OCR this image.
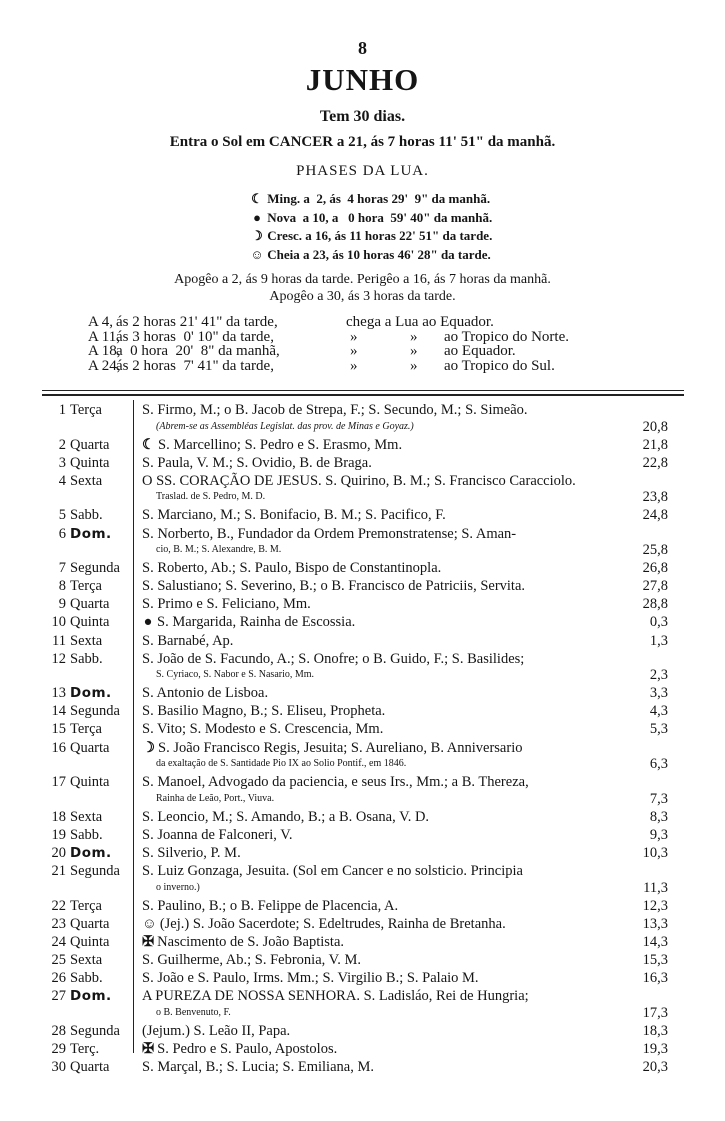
8
JUNHO
Tem 30 dias.
Entra o Sol em CANCER a 21, ás 7 horas 11' 51" da manhã.
PHASES DA LUA.
☾ Ming. a  2, ás  4 horas 29'  9" da manhã.
● Nova  a 10, a   0 hora  59' 40" da manhã.
☽ Cresc. a 16, ás 11 horas 22' 51" da tarde.
☺ Cheia a 23, ás 10 horas 46' 28" da tarde.
Apogêo a 2, ás 9 horas da tarde. Perigêo a 16, ás 7 horas da manhã.
Apogêo a 30, ás 3 horas da tarde.
A 4, ás 2 horas 21' 41" da tarde,	chega a Lua ao Equador.
A 11,
ás 3 horas  0' 10" da tarde,	»	» ao Tropico do Norte.
A 18,
a  0 hora  20'  8" da manhã,	»	» ao Equador.
A 24,
ás 2 horas  7' 41" da tarde,	»	» ao Tropico do Sul.
1 Terça	S. Firmo, M.; o B. Jacob de Strepa, F.; S. Secundo, M.; S. Simeão.
(Abrem-se as Assembléas Legislat. das prov. de Minas e Goyaz.)	20,8
2 Quarta ☾ S. Marcellino; S. Pedro e S. Erasmo, Mm.	21,8
3 Quinta S. Paula, V. M.; S. Ovidio, B. de Braga.	22,8
4 Sexta	O SS. CORAÇÃO DE JESUS. S. Quirino, B. M.; S. Francisco Caracciolo.
Traslad. de S. Pedro, M. D.	23,8
5 Sabb.	S. Marciano, M.; S. Bonifacio, B. M.; S. Pacifico, F.	24,8
6 Dom. S. Norberto, B., Fundador da Ordem Premonstratense; S. Aman-
cio, B. M.; S. Alexandre, B. M.	25,8
7 Segunda S. Roberto, Ab.; S. Paulo, Bispo de Constantinopla.	26,8
8 Terça	S. Salustiano; S. Severino, B.; o B. Francisco de Patriciis, Servita.	27,8
9 Quarta S. Primo e S. Feliciano, Mm.	28,8
10 Quinta ● S. Margarida, Rainha de Escossia.	0,3
11 Sexta	S. Barnabé, Ap.	1,3
12 Sabb.	S. João de S. Facundo, A.; S. Onofre; o B. Guido, F.; S. Basilides;
S. Cyriaco, S. Nabor e S. Nasario, Mm.	2,3
13 Dom. S. Antonio de Lisboa.	3,3
14 Segunda S. Basilio Magno, B.; S. Eliseu, Propheta.	4,3
15 Terça	S. Vito; S. Modesto e S. Crescencia, Mm.	5,3
16 Quarta ☽ S. João Francisco Regis, Jesuita; S. Aureliano, B. Anniversario
da exaltação de S. Santidade Pio IX ao Solio Pontif., em 1846.	6,3
17 Quinta S. Manoel, Advogado da paciencia, e seus Irs., Mm.; a B. Thereza,
Rainha de Leão, Port., Viuva.	7,3
18 Sexta	S. Leoncio, M.; S. Amando, B.; a B. Osana, V. D.	8,3
19 Sabb.	S. Joanna de Falconeri, V.	9,3
20 Dom. S. Silverio, P. M.	10,3
21 Segunda S. Luiz Gonzaga, Jesuita. (Sol em Cancer e no solsticio. Principia
o inverno.)	11,3
22 Terça	S. Paulino, B.; o B. Felippe de Placencia, A.	12,3
23 Quarta ☺ (Jej.) S. João Sacerdote; S. Edeltrudes, Rainha de Bretanha.	13,3
24 Quinta ✠ Nascimento de S. João Baptista.	14,3
25 Sexta	S. Guilherme, Ab.; S. Febronia, V. M.	15,3
26 Sabb.	S. João e S. Paulo, Irms. Mm.; S. Virgilio B.; S. Palaio M.	16,3
27 Dom. A PUREZA DE NOSSA SENHORA. S. Ladisláo, Rei de Hungria;
o B. Benvenuto, F.	17,3
28 Segunda (Jejum.) S. Leão II, Papa.	18,3
29 Terç.	✠ S. Pedro e S. Paulo, Apostolos.	19,3
30 Quarta S. Marçal, B.; S. Lucia; S. Emiliana, M.	20,3
